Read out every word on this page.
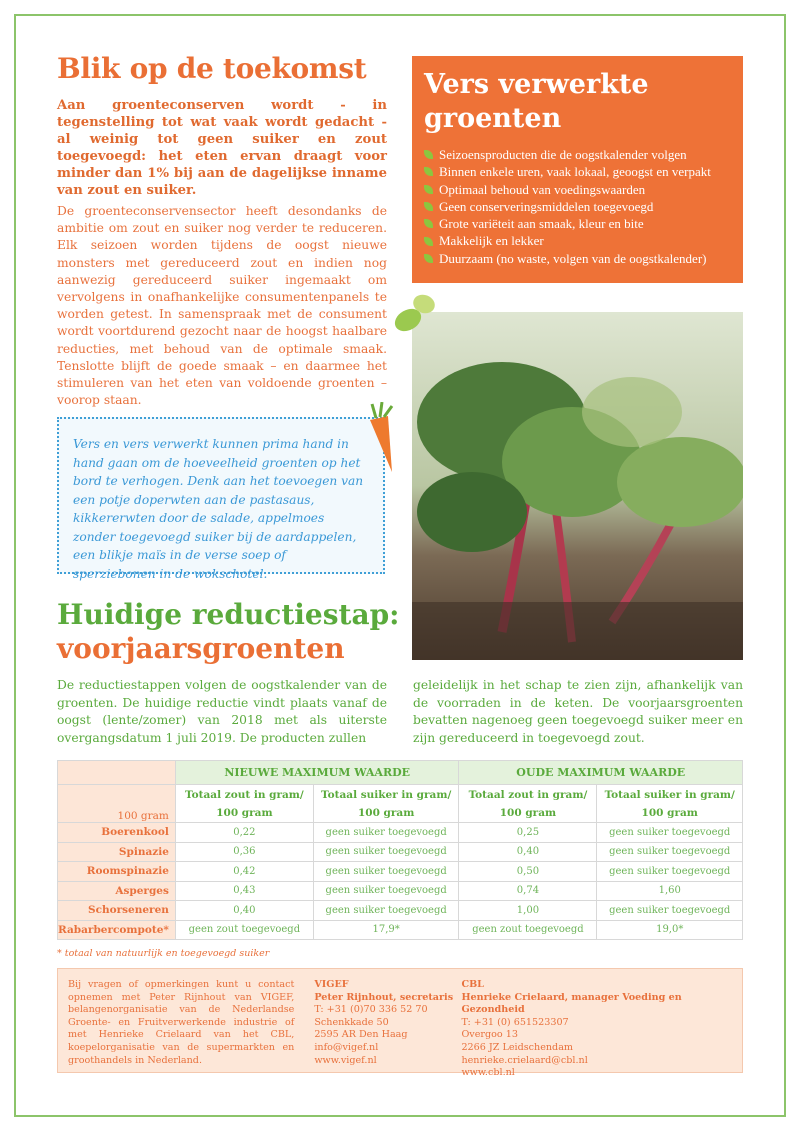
Blik op de toekomst

Aan groenteconserven wordt - in tegenstelling tot wat vaak wordt gedacht - al weinig tot geen suiker en zout toegevoegd: het eten ervan draagt voor minder dan 1% bij aan de dagelijkse inname van zout en suiker.

De groenteconservensector heeft desondanks de ambitie om zout en suiker nog verder te reduceren. Elk seizoen worden tijdens de oogst nieuwe monsters met gereduceerd zout en indien nog aanwezig gereduceerd suiker ingemaakt om vervolgens in onafhankelijke consumentenpanels te worden getest. In samenspraak met de consument wordt voortdurend gezocht naar de hoogst haalbare reducties, met behoud van de optimale smaak. Tenslotte blijft de goede smaak – en daarmee het stimuleren van het eten van voldoende groenten – voorop staan.

Vers verwerkte groenten
Seizoensproducten die de oogstkalender volgen
Binnen enkele uren, vaak lokaal, geoogst en verpakt
Optimaal behoud van voedingswaarden
Geen conserveringsmiddelen toegevoegd
Grote variëteit aan smaak, kleur en bite
Makkelijk en lekker
Duurzaam (no waste, volgen van de oogstkalender)
Vers en vers verwerkt kunnen prima hand in hand gaan om de hoeveelheid groenten op het bord te verhogen. Denk aan het toevoegen van een potje doperwten aan de pastasaus, kikkererwten door de salade, appelmoes zonder toegevoegd suiker bij de aardappelen, een blikje maïs in de verse soep of sperziebonen in de wokschotel.
Huidige reductiestap:
voorjaarsgroenten

De reductiestappen volgen de oogstkalender van de groenten. De huidige reductie vindt plaats vanaf de oogst (lente/zomer) van 2018 met als uiterste overgangsdatum 1 juli 2019. De producten zullen

geleidelijk in het schap te zien zijn, afhankelijk van de voorraden in de keten. De voorjaarsgroenten bevatten nagenoeg geen toegevoegd suiker meer en zijn gereduceerd in toegevoegd zout.

	NIEUWE MAXIMUM WAARDE		OUDE MAXIMUM WAARDE	
100 gram	Totaal zout in gram/ 100 gram	Totaal suiker in gram/ 100 gram	Totaal zout in gram/ 100 gram	Totaal suiker in gram/ 100 gram
Boerenkool	0,22	geen suiker toegevoegd	0,25	geen suiker toegevoegd
Spinazie	0,36	geen suiker toegevoegd	0,40	geen suiker toegevoegd
Roomspinazie	0,42	geen suiker toegevoegd	0,50	geen suiker toegevoegd
Asperges	0,43	geen suiker toegevoegd	0,74	1,60
Schorseneren	0,40	geen suiker toegevoegd	1,00	geen suiker toegevoegd
Rabarbercompote*	geen zout toegevoegd	17,9*	geen zout toegevoegd	19,0*
* totaal van natuurlijk en toegevoegd suiker

Bij vragen of opmerkingen kunt u contact opnemen met Peter Rijnhout van VIGEF, belangenorganisatie van de Nederlandse Groente- en Fruitverwerkende industrie of met Henrieke Crielaard van het CBL, koepelorganisatie van de supermarkten en groothandels in Nederland.

VIGEF
Peter Rijnhout, secretaris
T: +31 (0)70 336 52 70
Schenkkade 50
2595 AR Den Haag
info@vigef.nl
www.vigef.nl
CBL
Henrieke Crielaard, manager Voeding en Gezondheid
T: +31 (0) 651523307
Overgoo 13
2266 JZ Leidschendam
henrieke.crielaard@cbl.nl
www.cbl.nl
